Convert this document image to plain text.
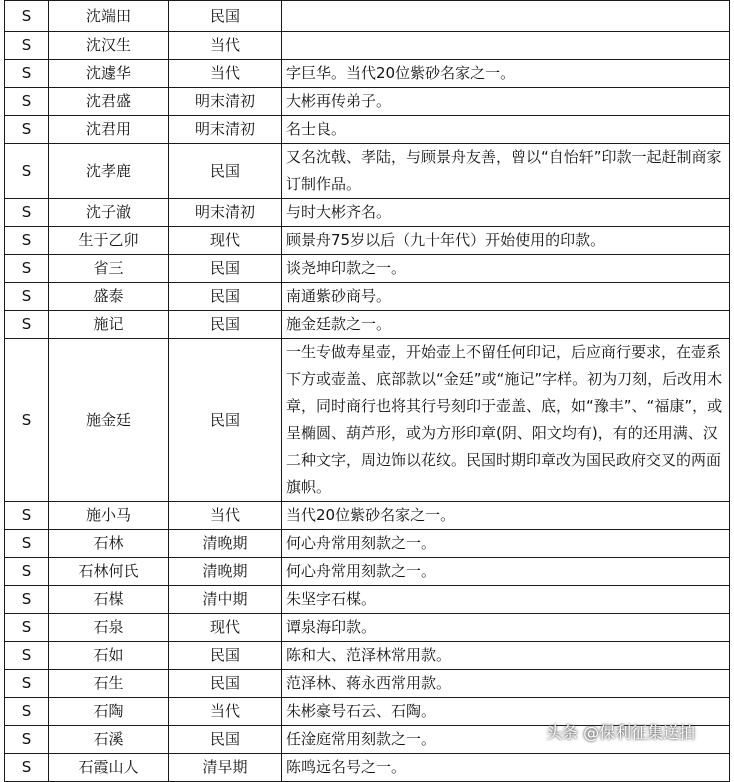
S	沈端田	民国	
S	沈汉生	当代	
S	沈遽华	当代	字巨华。当代20位紫砂名家之一。
S	沈君盛	明末清初	大彬再传弟子。
S	沈君用	明末清初	名士良。
S	沈孝鹿	民国	又名沈戟、孝陆，与顾景舟友善，曾以“自怡轩”印款一起赶制商家订制作品。
S	沈子澈	明末清初	与时大彬齐名。
S	生于乙卯	现代	顾景舟75岁以后（九十年代）开始使用的印款。
S	省三	民国	谈尧坤印款之一。
S	盛泰	民国	南通紫砂商号。
S	施记	民国	施金廷款之一。
S	施金廷	民国	一生专做寿星壶，开始壶上不留任何印记，后应商行要求，在壶系下方或壶盖、底部款以“金廷”或“施记”字样。初为刀刻，后改用木章，同时商行也将其行号刻印于壶盖、底，如“豫丰”、“福康”，或呈椭圆、葫芦形，或为方形印章(阴、阳文均有)，有的还用满、汉二种文字，周边饰以花纹。民国时期印章改为国民政府交叉的两面旗帜。
S	施小马	当代	当代20位紫砂名家之一。
S	石林	清晚期	何心舟常用刻款之一。
S	石林何氏	清晚期	何心舟常用刻款之一。
S	石楳	清中期	朱坚字石楳。
S	石泉	现代	谭泉海印款。
S	石如	民国	陈和大、范泽林常用款。
S	石生	民国	范泽林、蒋永西常用款。
S	石陶	当代	朱彬豪号石云、石陶。
S	石溪	民国	任淦庭常用刻款之一。
S	石霞山人	清早期	陈鸣远名号之一。
头条 @保利征集送拍
